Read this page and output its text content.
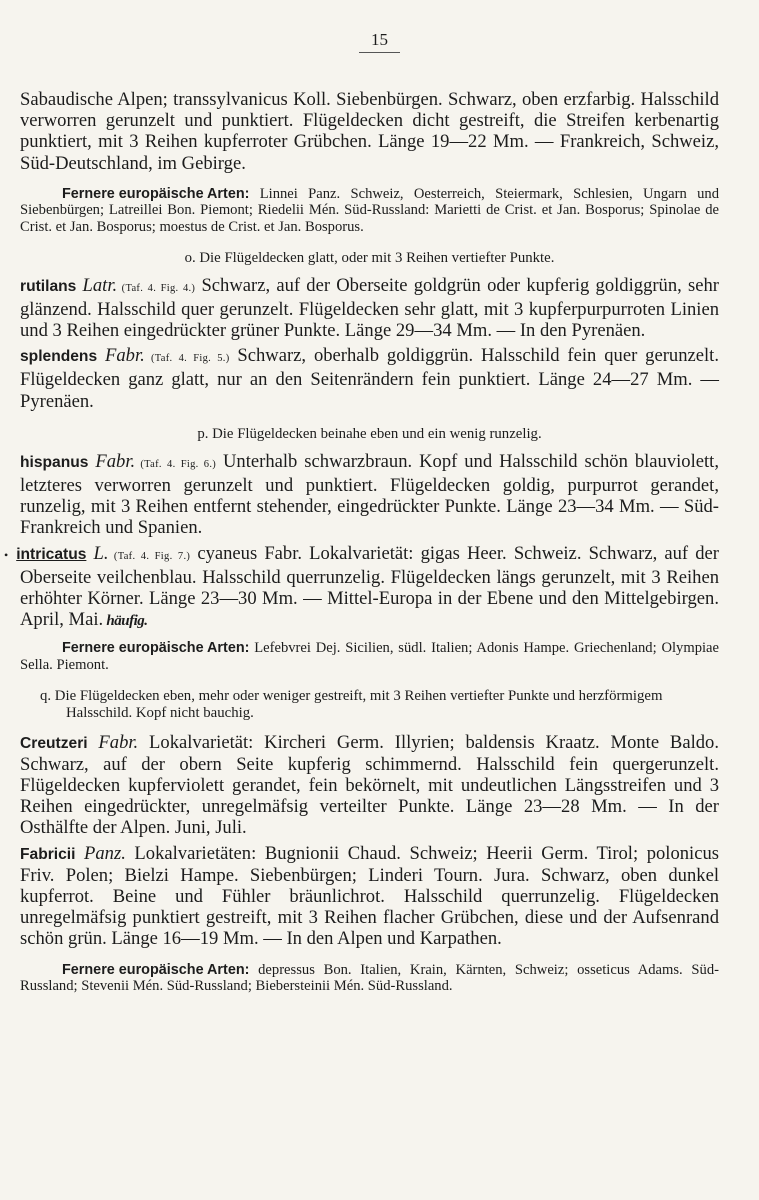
15

Sabaudische Alpen; transsylvanicus Koll. Siebenbürgen. Schwarz, oben erzfarbig. Halsschild verworren gerunzelt und punktiert. Flügeldecken dicht gestreift, die Streifen kerbenartig punktiert, mit 3 Reihen kupferroter Grübchen. Länge 19—22 Mm. — Frankreich, Schweiz, Süd-Deutschland, im Gebirge.

Fernere europäische Arten: Linnei Panz. Schweiz, Oesterreich, Steiermark, Schlesien, Ungarn und Siebenbürgen; Latreillei Bon. Piemont; Riedelii Mén. Süd-Russland: Marietti de Crist. et Jan. Bosporus; Spinolae de Crist. et Jan. Bosporus; moestus de Crist. et Jan. Bosporus.

o. Die Flügeldecken glatt, oder mit 3 Reihen vertiefter Punkte.

rutilans Latr. (Taf. 4. Fig. 4.) Schwarz, auf der Oberseite goldgrün oder kupferig goldiggrün, sehr glänzend. Halsschild quer gerunzelt. Flügeldecken sehr glatt, mit 3 kupferpurpurroten Linien und 3 Reihen eingedrückter grüner Punkte. Länge 29—34 Mm. — In den Pyrenäen.

splendens Fabr. (Taf. 4. Fig. 5.) Schwarz, oberhalb goldiggrün. Halsschild fein quer gerunzelt. Flügeldecken ganz glatt, nur an den Seitenrändern fein punktiert. Länge 24—27 Mm. — Pyrenäen.

p. Die Flügeldecken beinahe eben und ein wenig runzelig.

hispanus Fabr. (Taf. 4. Fig. 6.) Unterhalb schwarzbraun. Kopf und Halsschild schön blauviolett, letzteres verworren gerunzelt und punktiert. Flügeldecken goldig, purpurrot gerandet, runzelig, mit 3 Reihen entfernt stehender, eingedrückter Punkte. Länge 23—34 Mm. — Süd-Frankreich und Spanien.

• intricatus L. (Taf. 4. Fig. 7.) cyaneus Fabr. Lokalvarietät: gigas Heer. Schweiz. Schwarz, auf der Oberseite veilchenblau. Halsschild querrunzelig. Flügeldecken längs gerunzelt, mit 3 Reihen erhöhter Körner. Länge 23—30 Mm. — Mittel-Europa in der Ebene und den Mittelgebirgen. April, Mai. häufig.

Fernere europäische Arten: Lefebvrei Dej. Sicilien, südl. Italien; Adonis Hampe. Griechenland; Olympiae Sella. Piemont.

q. Die Flügeldecken eben, mehr oder weniger gestreift, mit 3 Reihen vertiefter Punkte und herzförmigem Halsschild. Kopf nicht bauchig.

Creutzeri Fabr. Lokalvarietät: Kircheri Germ. Illyrien; baldensis Kraatz. Monte Baldo. Schwarz, auf der obern Seite kupferig schimmernd. Halsschild fein quergerunzelt. Flügeldecken kupferviolett gerandet, fein bekörnelt, mit undeutlichen Längsstreifen und 3 Reihen eingedrückter, unregelmäfsig verteilter Punkte. Länge 23—28 Mm. — In der Osthälfte der Alpen. Juni, Juli.

Fabricii Panz. Lokalvarietäten: Bugnionii Chaud. Schweiz; Heerii Germ. Tirol; polonicus Friv. Polen; Bielzi Hampe. Siebenbürgen; Linderi Tourn. Jura. Schwarz, oben dunkel kupferrot. Beine und Fühler bräunlichrot. Halsschild querrunzelig. Flügeldecken unregelmäfsig punktiert gestreift, mit 3 Reihen flacher Grübchen, diese und der Aufsenrand schön grün. Länge 16—19 Mm. — In den Alpen und Karpathen.

Fernere europäische Arten: depressus Bon. Italien, Krain, Kärnten, Schweiz; osseticus Adams. Süd-Russland; Stevenii Mén. Süd-Russland; Biebersteinii Mén. Süd-Russland.
